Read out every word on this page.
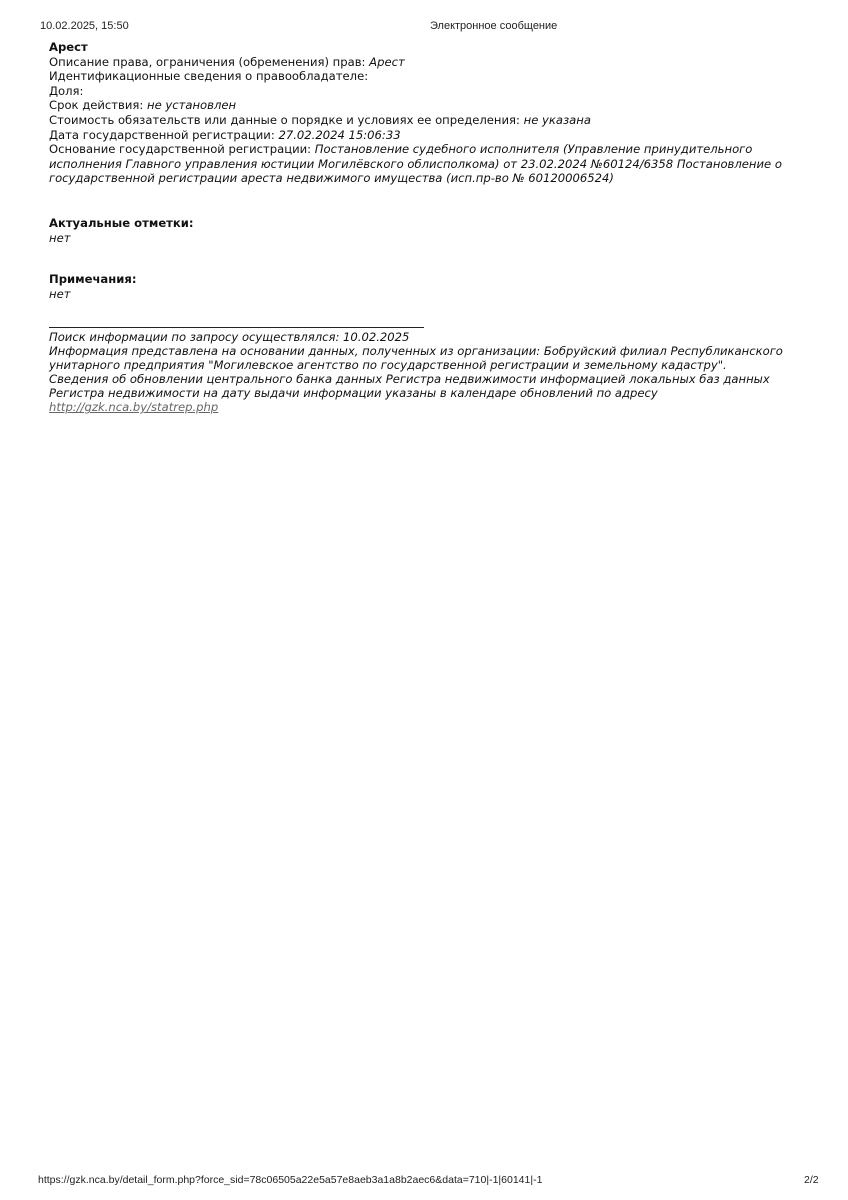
10.02.2025, 15:50	Электронное сообщение
Арест
Описание права, ограничения (обременения) прав: Арест
Идентификационные сведения о правообладателе:
Доля:
Срок действия: не установлен
Стоимость обязательств или данные о порядке и условиях ее определения: не указана
Дата государственной регистрации: 27.02.2024 15:06:33
Основание государственной регистрации: Постановление судебного исполнителя (Управление принудительного исполнения Главного управления юстиции Могилёвского облисполкома) от 23.02.2024 №60124/6358 Постановление о государственной регистрации ареста недвижимого имущества (исп.пр-во № 60120006524)
Актуальные отметки:
нет
Примечания:
нет
Поиск информации по запросу осуществлялся: 10.02.2025
Информация представлена на основании данных, полученных из организации: Бобруйский филиал Республиканского унитарного предприятия "Могилевское агентство по государственной регистрации и земельному кадастру".
Сведения об обновлении центрального банка данных Регистра недвижимости информацией локальных баз данных Регистра недвижимости на дату выдачи информации указаны в календаре обновлений по адресу
http://gzk.nca.by/statrep.php
https://gzk.nca.by/detail_form.php?force_sid=78c06505a22e5a57e8aeb3a1a8b2aec6&data=710|-1|60141|-1	2/2
